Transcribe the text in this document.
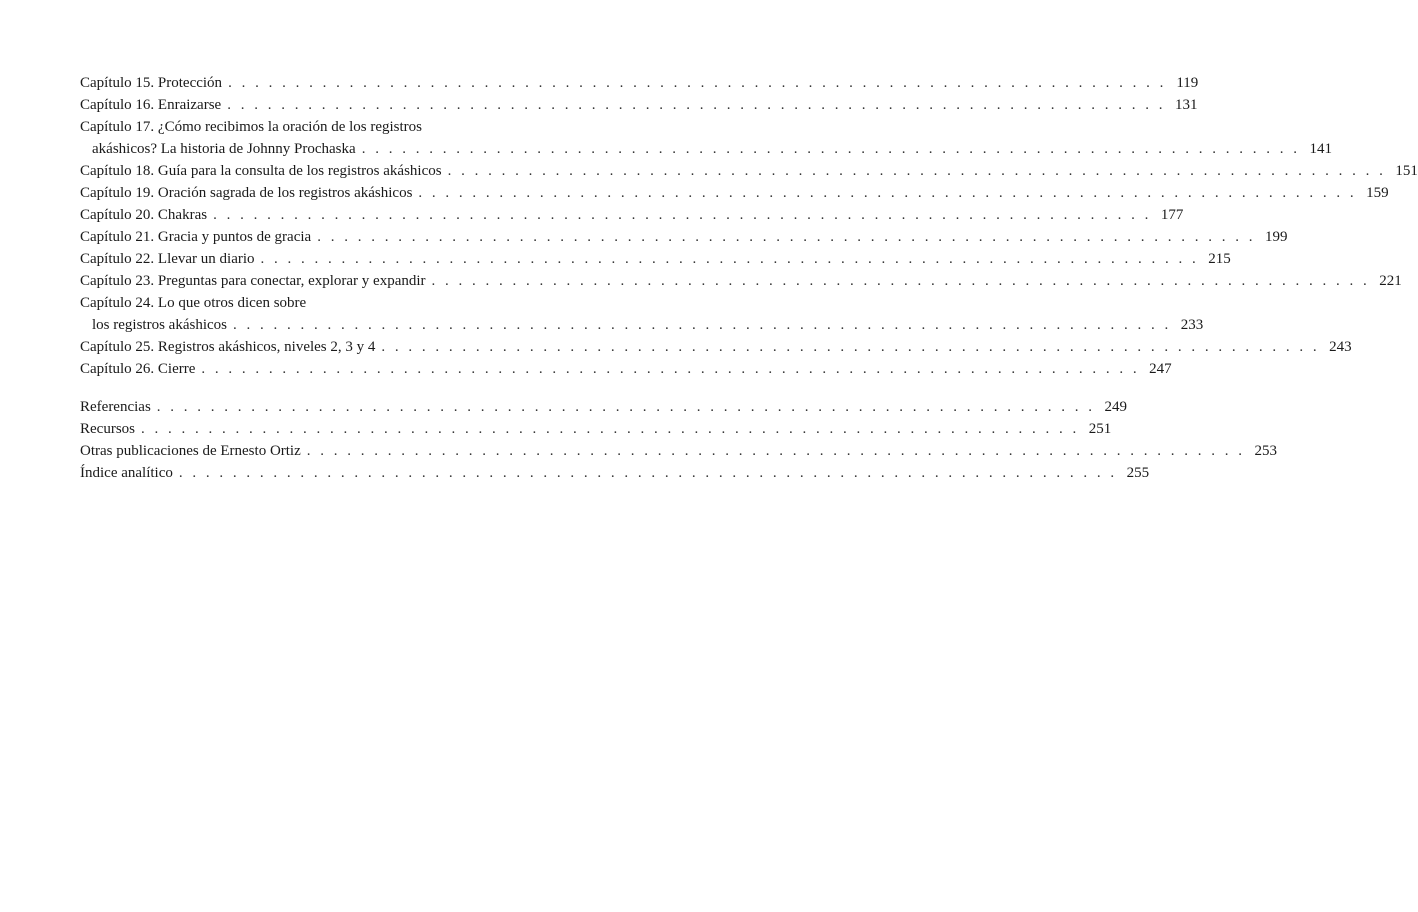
Capítulo 15. Protección . . . . . . . . . . . . . . . . . . . . . . . . . . . . . . . . . . . . . . . . . . . . . . . . . . . . . . . . . . . . . . . . . . . . . . 119
Capítulo 16. Enraizarse . . . . . . . . . . . . . . . . . . . . . . . . . . . . . . . . . . . . . . . . . . . . . . . . . . . . . . . . . . . . . . . . . . . . . . 131
Capítulo 17. ¿Cómo recibimos la oración de los registros
akáshicos? La historia de Johnny Prochaska . . . . . . . . . . . . . . . . . . . . . . . . . . . . . . . . . . . . . . . . . . . . . . . . . . . . . . . . . . . . . . . . . . . . . . 141
Capítulo 18. Guía para la consulta de los registros akáshicos . . . . . . . . . . . . . . . . . . . . . . . . . . . . . . . . . . . . . . . . . . . . . . . . . . . . . . . . . . . . . . . . . . . . . . 151
Capítulo 19. Oración sagrada de los registros akáshicos . . . . . . . . . . . . . . . . . . . . . . . . . . . . . . . . . . . . . . . . . . . . . . . . . . . . . . . . . . . . . . . . . . . . . . 159
Capítulo 20. Chakras . . . . . . . . . . . . . . . . . . . . . . . . . . . . . . . . . . . . . . . . . . . . . . . . . . . . . . . . . . . . . . . . . . . . . . 177
Capítulo 21. Gracia y puntos de gracia . . . . . . . . . . . . . . . . . . . . . . . . . . . . . . . . . . . . . . . . . . . . . . . . . . . . . . . . . . . . . . . . . . . . . . 199
Capítulo 22. Llevar un diario . . . . . . . . . . . . . . . . . . . . . . . . . . . . . . . . . . . . . . . . . . . . . . . . . . . . . . . . . . . . . . . . . . . . . . 215
Capítulo 23. Preguntas para conectar, explorar y expandir . . . . . . . . . . . . . . . . . . . . . . . . . . . . . . . . . . . . . . . . . . . . . . . . . . . . . . . . . . . . . . . . . . . . . . 221
Capítulo 24. Lo que otros dicen sobre
los registros akáshicos . . . . . . . . . . . . . . . . . . . . . . . . . . . . . . . . . . . . . . . . . . . . . . . . . . . . . . . . . . . . . . . . . . . . . . 233
Capítulo 25. Registros akáshicos, niveles 2, 3 y 4 . . . . . . . . . . . . . . . . . . . . . . . . . . . . . . . . . . . . . . . . . . . . . . . . . . . . . . . . . . . . . . . . . . . . . . 243
Capítulo 26. Cierre . . . . . . . . . . . . . . . . . . . . . . . . . . . . . . . . . . . . . . . . . . . . . . . . . . . . . . . . . . . . . . . . . . . . . . 247
Referencias . . . . . . . . . . . . . . . . . . . . . . . . . . . . . . . . . . . . . . . . . . . . . . . . . . . . . . . . . . . . . . . . . . . . . . 249
Recursos . . . . . . . . . . . . . . . . . . . . . . . . . . . . . . . . . . . . . . . . . . . . . . . . . . . . . . . . . . . . . . . . . . . . . . 251
Otras publicaciones de Ernesto Ortiz . . . . . . . . . . . . . . . . . . . . . . . . . . . . . . . . . . . . . . . . . . . . . . . . . . . . . . . . . . . . . . . . . . . . . . 253
Índice analítico . . . . . . . . . . . . . . . . . . . . . . . . . . . . . . . . . . . . . . . . . . . . . . . . . . . . . . . . . . . . . . . . . . . . . . 255
